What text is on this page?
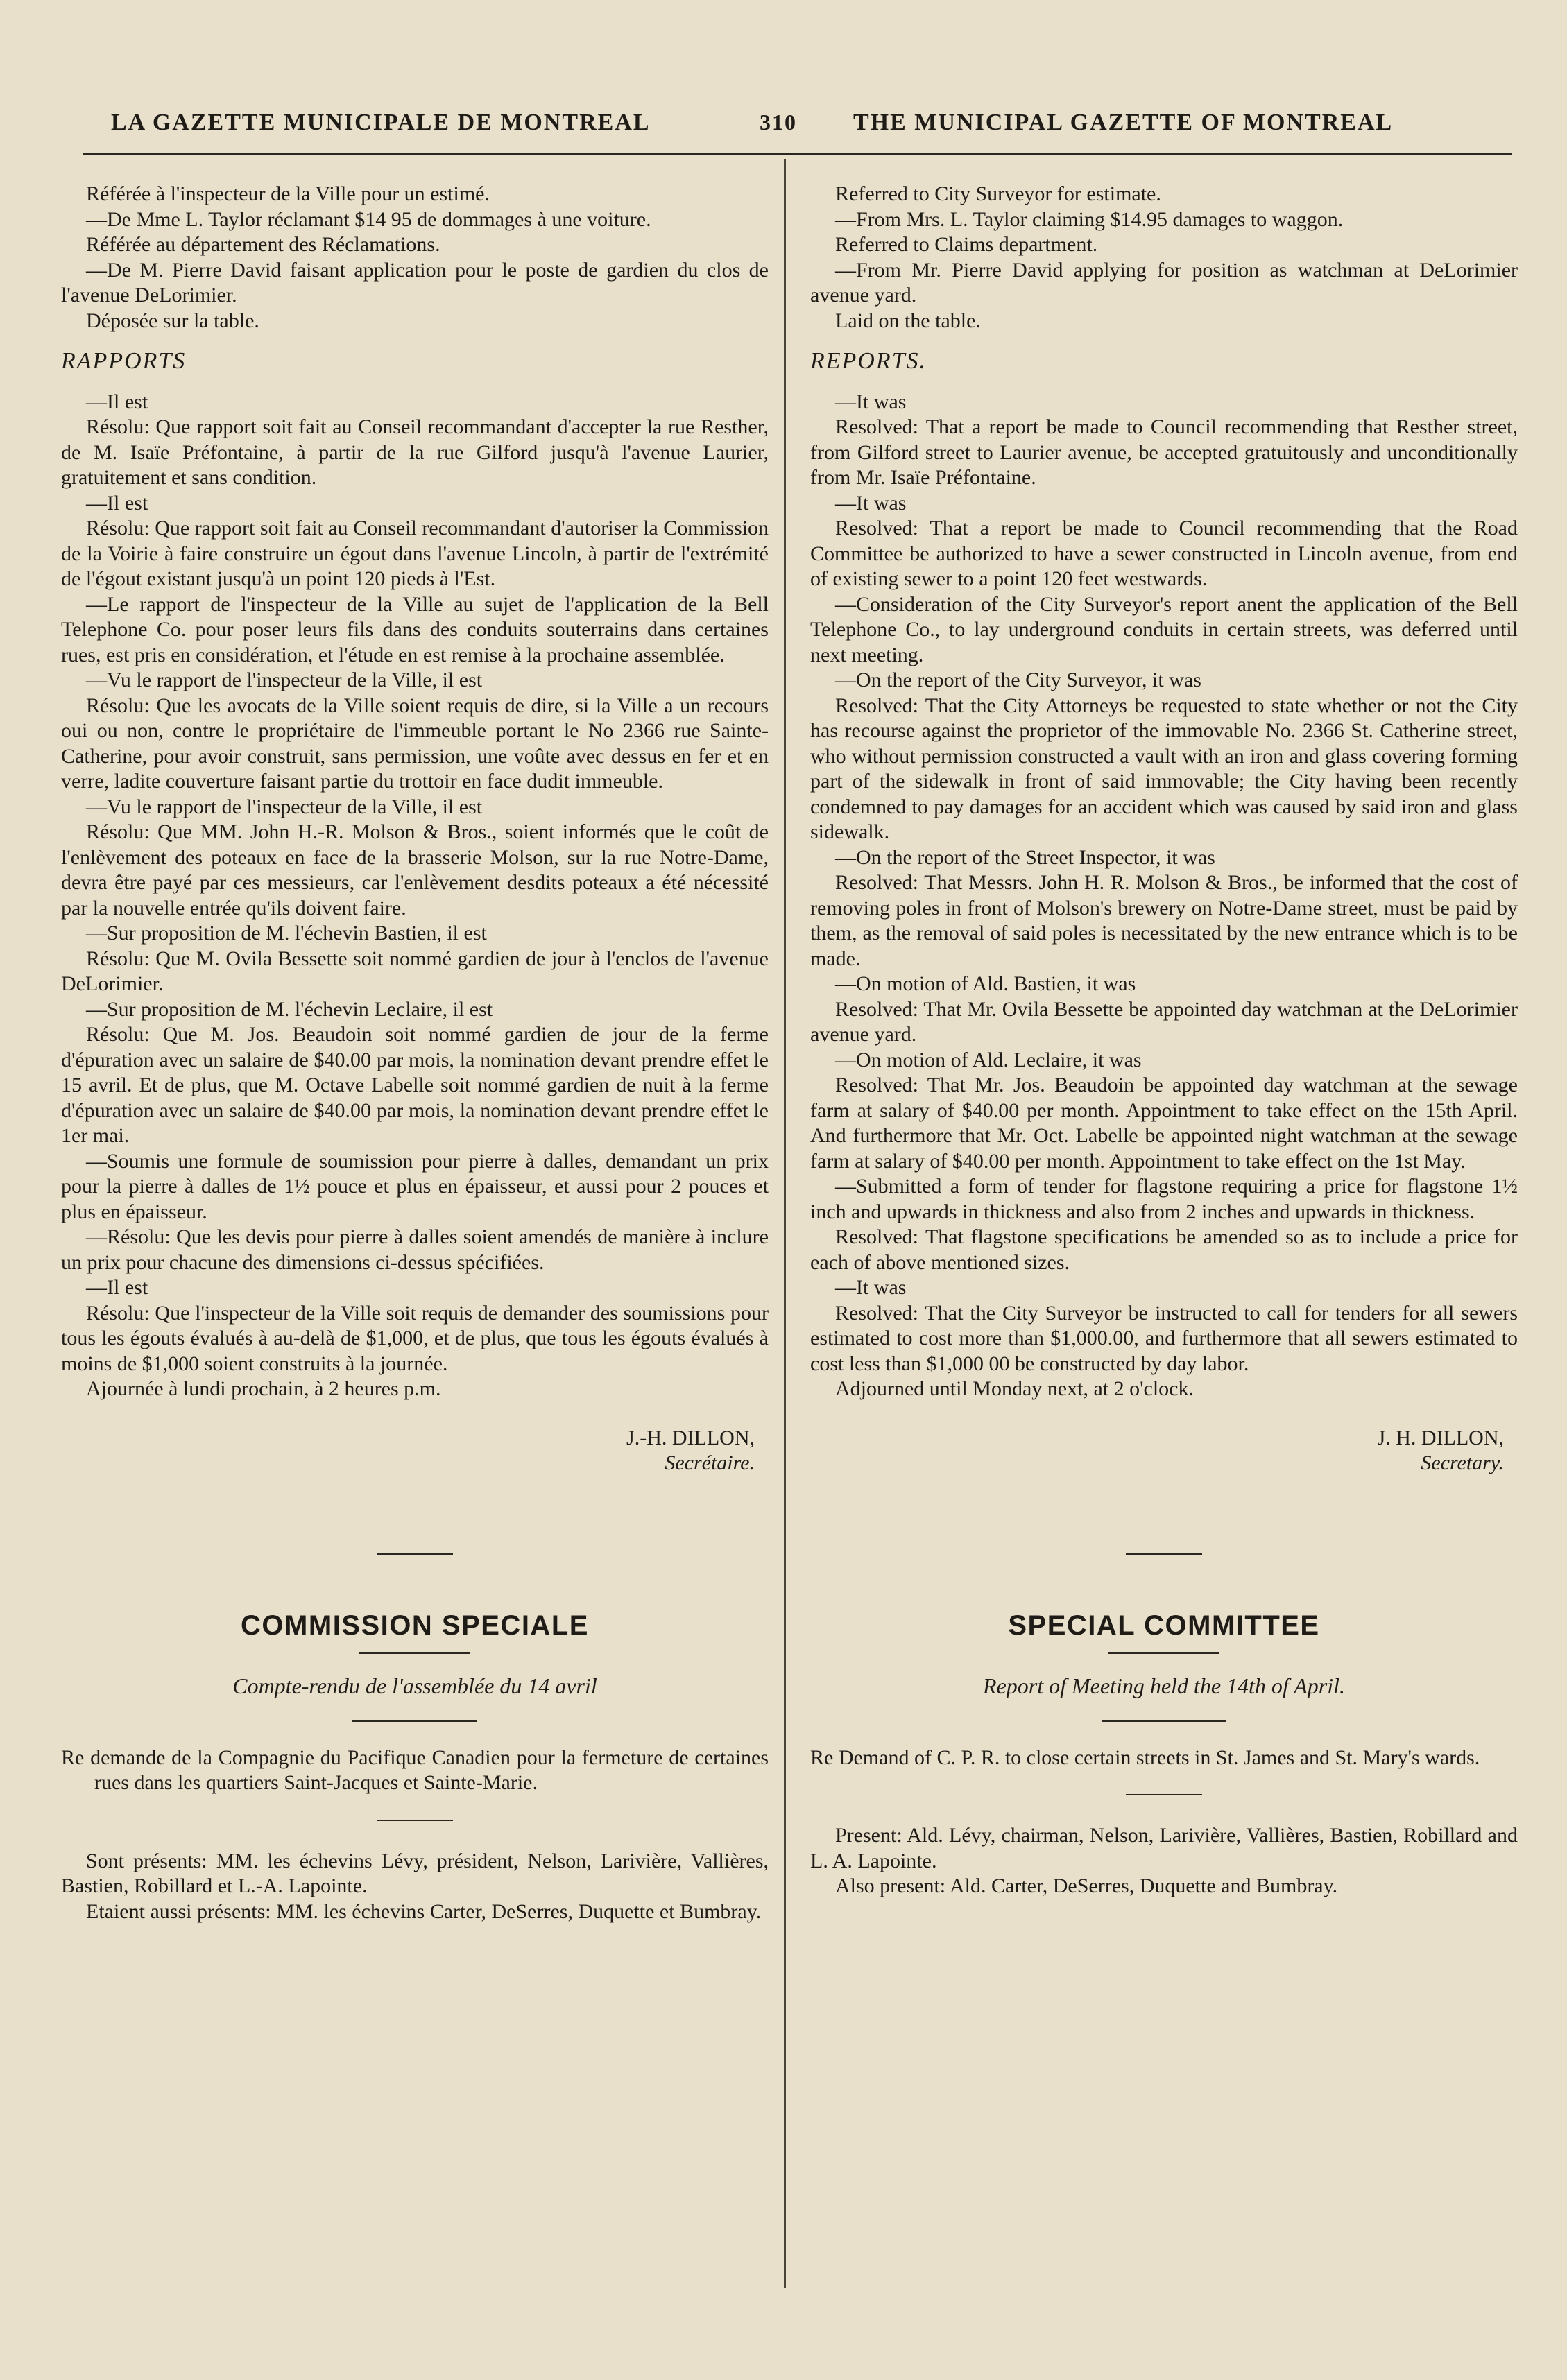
LA GAZETTE MUNICIPALE DE MONTREAL	310 THE MUNICIPAL GAZETTE OF MONTREAL

Référée à l'inspecteur de la Ville pour un estimé.

—De Mme L. Taylor réclamant $14 95 de dommages à une voiture.

Référée au département des Réclamations.

—De M. Pierre David faisant application pour le poste de gardien du clos de l'avenue DeLorimier.

Déposée sur la table.

RAPPORTS

—Il est

Résolu: Que rapport soit fait au Conseil recommandant d'accepter la rue Resther, de M. Isaïe Préfontaine, à partir de la rue Gilford jusqu'à l'avenue Laurier, gratuitement et sans condition.

—Il est

Résolu: Que rapport soit fait au Conseil recommandant d'autoriser la Commission de la Voirie à faire construire un égout dans l'avenue Lincoln, à partir de l'extrémité de l'égout existant jusqu'à un point 120 pieds à l'Est.

—Le rapport de l'inspecteur de la Ville au sujet de l'application de la Bell Telephone Co. pour poser leurs fils dans des conduits souterrains dans certaines rues, est pris en considération, et l'étude en est remise à la prochaine assemblée.

—Vu le rapport de l'inspecteur de la Ville, il est

Résolu: Que les avocats de la Ville soient requis de dire, si la Ville a un recours oui ou non, contre le propriétaire de l'immeuble portant le No 2366 rue Sainte-Catherine, pour avoir construit, sans permission, une voûte avec dessus en fer et en verre, ladite couverture faisant partie du trottoir en face dudit immeuble.

—Vu le rapport de l'inspecteur de la Ville, il est

Résolu: Que MM. John H.-R. Molson & Bros., soient informés que le coût de l'enlèvement des poteaux en face de la brasserie Molson, sur la rue Notre-Dame, devra être payé par ces messieurs, car l'enlèvement desdits poteaux a été nécessité par la nouvelle entrée qu'ils doivent faire.

—Sur proposition de M. l'échevin Bastien, il est

Résolu: Que M. Ovila Bessette soit nommé gardien de jour à l'enclos de l'avenue DeLorimier.

—Sur proposition de M. l'échevin Leclaire, il est

Résolu: Que M. Jos. Beaudoin soit nommé gardien de jour de la ferme d'épuration avec un salaire de $40.00 par mois, la nomination devant prendre effet le 15 avril. Et de plus, que M. Octave Labelle soit nommé gardien de nuit à la ferme d'épuration avec un salaire de $40.00 par mois, la nomination devant prendre effet le 1er mai.

—Soumis une formule de soumission pour pierre à dalles, demandant un prix pour la pierre à dalles de 1½ pouce et plus en épaisseur, et aussi pour 2 pouces et plus en épaisseur.

—Résolu: Que les devis pour pierre à dalles soient amendés de manière à inclure un prix pour chacune des dimensions ci-dessus spécifiées.

—Il est

Résolu: Que l'inspecteur de la Ville soit requis de demander des soumissions pour tous les égouts évalués à au-delà de $1,000, et de plus, que tous les égouts évalués à moins de $1,000 soient construits à la journée.

Ajournée à lundi prochain, à 2 heures p.m.

J.-H. DILLON,

Secrétaire.

COMMISSION SPECIALE

Compte-rendu de l'assemblée du 14 avril

Re demande de la Compagnie du Pacifique Canadien pour la fermeture de certaines rues dans les quartiers Saint-Jacques et Sainte-Marie.

Sont présents: MM. les échevins Lévy, président, Nelson, Larivière, Vallières, Bastien, Robillard et L.-A. Lapointe.

Etaient aussi présents: MM. les échevins Carter, DeSerres, Duquette et Bumbray.

Referred to City Surveyor for estimate.

—From Mrs. L. Taylor claiming $14.95 damages to waggon.

Referred to Claims department.

—From Mr. Pierre David applying for position as watchman at DeLorimier avenue yard.

Laid on the table.

REPORTS.

—It was

Resolved: That a report be made to Council recommending that Resther street, from Gilford street to Laurier avenue, be accepted gratuitously and unconditionally from Mr. Isaïe Préfontaine.

—It was

Resolved: That a report be made to Council recommending that the Road Committee be authorized to have a sewer constructed in Lincoln avenue, from end of existing sewer to a point 120 feet westwards.

—Consideration of the City Surveyor's report anent the application of the Bell Telephone Co., to lay underground conduits in certain streets, was deferred until next meeting.

—On the report of the City Surveyor, it was

Resolved: That the City Attorneys be requested to state whether or not the City has recourse against the proprietor of the immovable No. 2366 St. Catherine street, who without permission constructed a vault with an iron and glass covering forming part of the sidewalk in front of said immovable; the City having been recently condemned to pay damages for an accident which was caused by said iron and glass sidewalk.

—On the report of the Street Inspector, it was

Resolved: That Messrs. John H. R. Molson & Bros., be informed that the cost of removing poles in front of Molson's brewery on Notre-Dame street, must be paid by them, as the removal of said poles is necessitated by the new entrance which is to be made.

—On motion of Ald. Bastien, it was

Resolved: That Mr. Ovila Bessette be appointed day watchman at the DeLorimier avenue yard.

—On motion of Ald. Leclaire, it was

Resolved: That Mr. Jos. Beaudoin be appointed day watchman at the sewage farm at salary of $40.00 per month. Appointment to take effect on the 15th April. And furthermore that Mr. Oct. Labelle be appointed night watchman at the sewage farm at salary of $40.00 per month. Appointment to take effect on the 1st May.

—Submitted a form of tender for flagstone requiring a price for flagstone 1½ inch and upwards in thickness and also from 2 inches and upwards in thickness.

Resolved: That flagstone specifications be amended so as to include a price for each of above mentioned sizes.

—It was

Resolved: That the City Surveyor be instructed to call for tenders for all sewers estimated to cost more than $1,000.00, and furthermore that all sewers estimated to cost less than $1,000 00 be constructed by day labor.

Adjourned until Monday next, at 2 o'clock.

J. H. DILLON,

Secretary.

SPECIAL COMMITTEE

Report of Meeting held the 14th of April.

Re Demand of C. P. R. to close certain streets in St. James and St. Mary's wards.

Present: Ald. Lévy, chairman, Nelson, Larivière, Vallières, Bastien, Robillard and L. A. Lapointe.

Also present: Ald. Carter, DeSerres, Duquette and Bumbray.
